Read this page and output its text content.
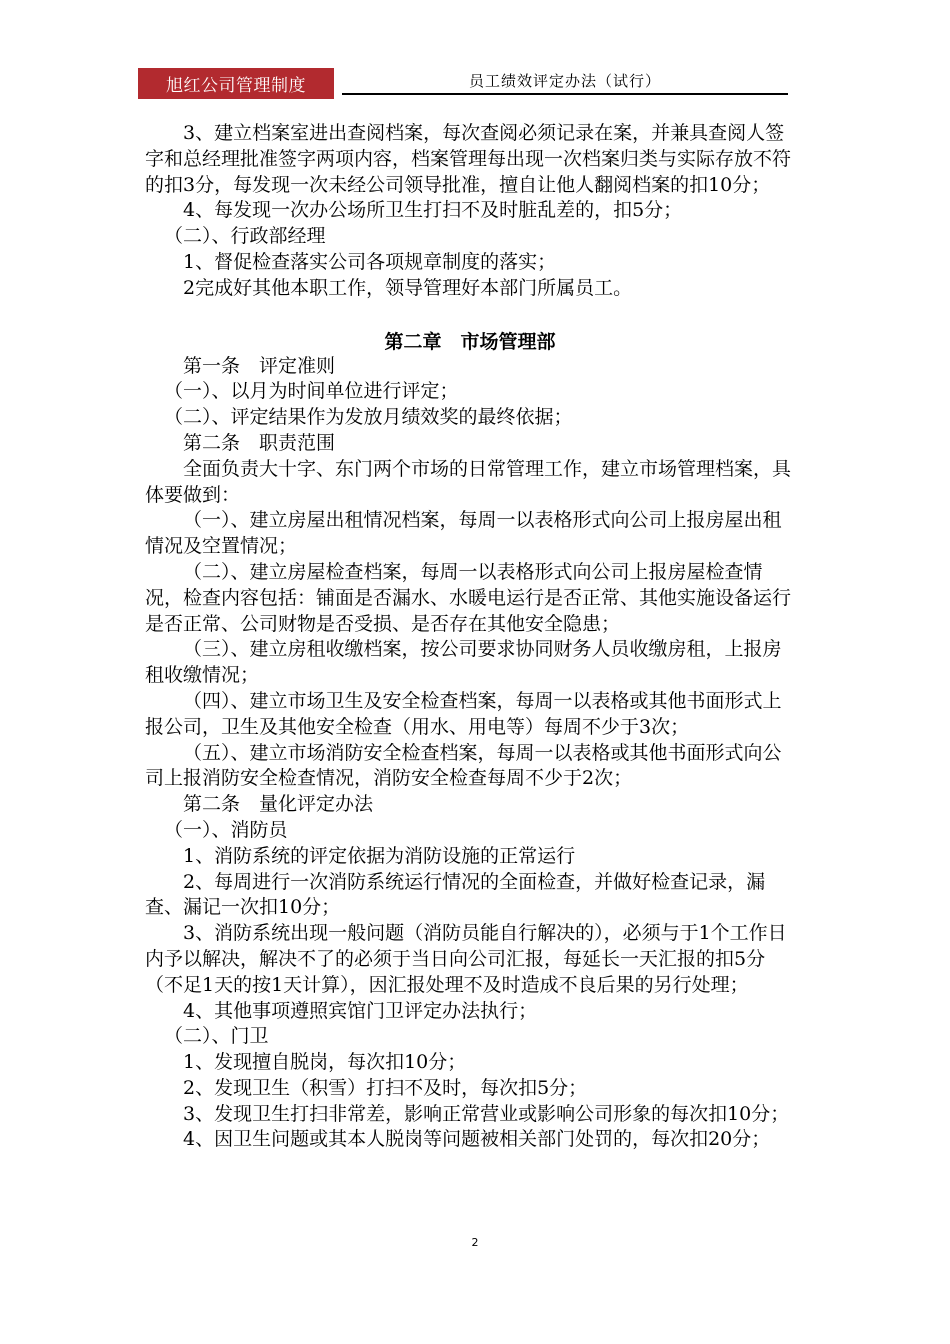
旭红公司管理制度	员工绩效评定办法（试行）

3、建立档案室进出查阅档案，每次查阅必须记录在案，并兼具查阅人签字和总经理批准签字两项内容，档案管理每出现一次档案归类与实际存放不符的扣3分，每发现一次未经公司领导批准，擅自让他人翻阅档案的扣10分；

4、每发现一次办公场所卫生打扫不及时脏乱差的，扣5分；

（二）、行政部经理

1、督促检查落实公司各项规章制度的落实；

2完成好其他本职工作，领导管理好本部门所属员工。

第二章　市场管理部

第一条　评定准则

（一）、以月为时间单位进行评定；

（二）、评定结果作为发放月绩效奖的最终依据；

第二条　职责范围

全面负责大十字、东门两个市场的日常管理工作，建立市场管理档案，具体要做到：

（一）、建立房屋出租情况档案，每周一以表格形式向公司上报房屋出租情况及空置情况；

（二）、建立房屋检查档案，每周一以表格形式向公司上报房屋检查情况，检查内容包括：铺面是否漏水、水暖电运行是否正常、其他实施设备运行是否正常、公司财物是否受损、是否存在其他安全隐患；

（三）、建立房租收缴档案，按公司要求协同财务人员收缴房租，上报房租收缴情况；

（四）、建立市场卫生及安全检查档案，每周一以表格或其他书面形式上报公司，卫生及其他安全检查（用水、用电等）每周不少于3次；

（五）、建立市场消防安全检查档案，每周一以表格或其他书面形式向公司上报消防安全检查情况，消防安全检查每周不少于2次；

第二条　量化评定办法

（一）、消防员

1、消防系统的评定依据为消防设施的正常运行

2、每周进行一次消防系统运行情况的全面检查，并做好检查记录，漏查、漏记一次扣10分；

3、消防系统出现一般问题（消防员能自行解决的），必须与于1个工作日内予以解决，解决不了的必须于当日向公司汇报，每延长一天汇报的扣5分（不足1天的按1天计算），因汇报处理不及时造成不良后果的另行处理；

4、其他事项遵照宾馆门卫评定办法执行；

（二）、门卫

1、发现擅自脱岗，每次扣10分；

2、发现卫生（积雪）打扫不及时，每次扣5分；

3、发现卫生打扫非常差，影响正常营业或影响公司形象的每次扣10分；

4、因卫生问题或其本人脱岗等问题被相关部门处罚的，每次扣20分；

2
